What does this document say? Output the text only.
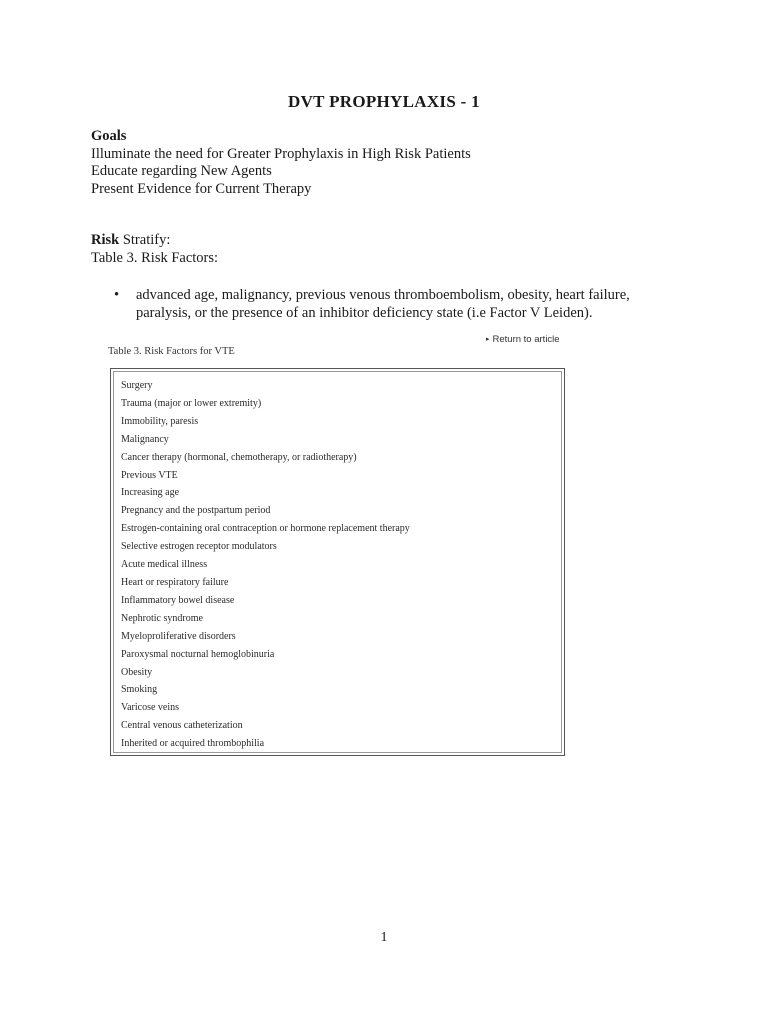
DVT PROPHYLAXIS - 1
Goals
Illuminate the need for Greater Prophylaxis in High Risk Patients
Educate regarding New Agents
Present Evidence for Current Therapy
Risk Stratify:
Table 3. Risk Factors:
• advanced age, malignancy, previous venous thromboembolism, obesity, heart failure, paralysis, or the presence of an inhibitor deficiency state (i.e Factor V Leiden).
▸ Return to article
Table 3. Risk Factors for VTE
Surgery
Trauma (major or lower extremity)
Immobility, paresis
Malignancy
Cancer therapy (hormonal, chemotherapy, or radiotherapy)
Previous VTE
Increasing age
Pregnancy and the postpartum period
Estrogen-containing oral contraception or hormone replacement therapy
Selective estrogen receptor modulators
Acute medical illness
Heart or respiratory failure
Inflammatory bowel disease
Nephrotic syndrome
Myeloproliferative disorders
Paroxysmal nocturnal hemoglobinuria
Obesity
Smoking
Varicose veins
Central venous catheterization
Inherited or acquired thrombophilia
1
